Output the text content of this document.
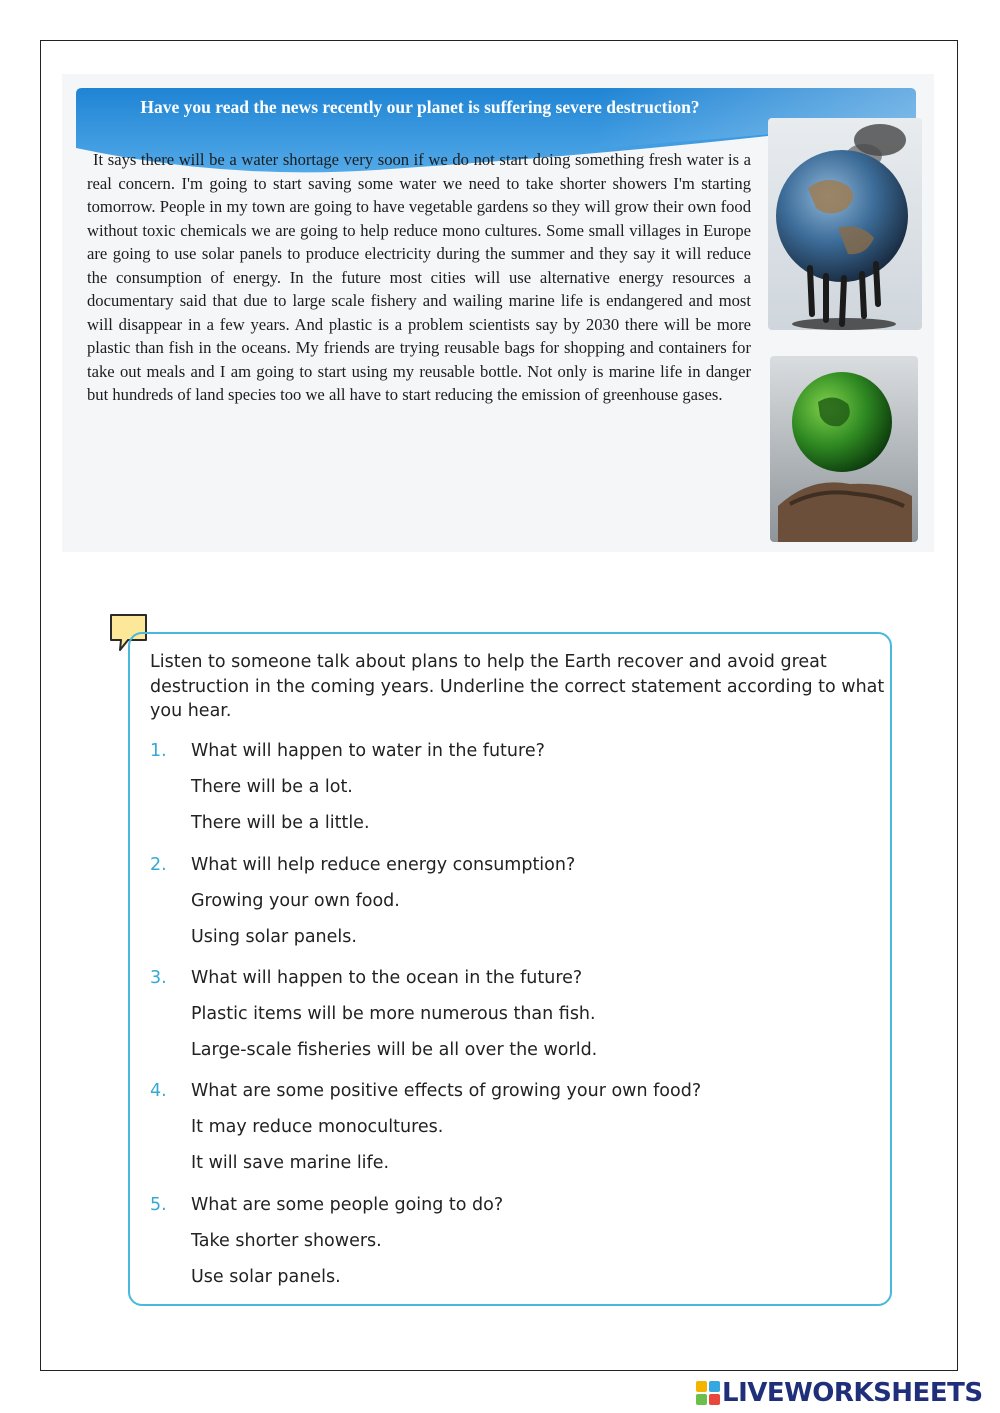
Have you read the news recently our planet is suffering severe destruction?

It says there will be a water shortage very soon if we do not start doing something fresh water is a real concern. I'm going to start saving some water we need to take shorter showers I'm starting tomorrow. People in my town are going to have vegetable gardens so they will grow their own food without toxic chemicals we are going to help reduce mono cultures. Some small villages in Europe are going to use solar panels to produce electricity during the summer and they say it will reduce the consumption of energy. In the future most cities will use alternative energy resources a documentary said that due to large scale fishery and wailing marine life is endangered and most will disappear in a few years. And plastic is a problem scientists say by 2030 there will be more plastic than fish in the oceans. My friends are trying reusable bags for shopping and containers for take out meals and I am going to start using my reusable bottle. Not only is marine life in danger but hundreds of land species too we all have to start reducing the emission of greenhouse gases.

Listen to someone talk about plans to help the Earth recover and avoid great destruction in the coming years. Underline the correct statement according to what you hear.
1. What will happen to water in the future?
There will be a lot.
There will be a little.
2. What will help reduce energy consumption?
Growing your own food.
Using solar panels.
3. What will happen to the ocean in the future?
Plastic items will be more numerous than fish.
Large-scale fisheries will be all over the world.
4. What are some positive effects of growing your own food?
It may reduce monocultures.
It will save marine life.
5. What are some people going to do?
Take shorter showers.
Use solar panels.
LIVEWORKSHEETS
